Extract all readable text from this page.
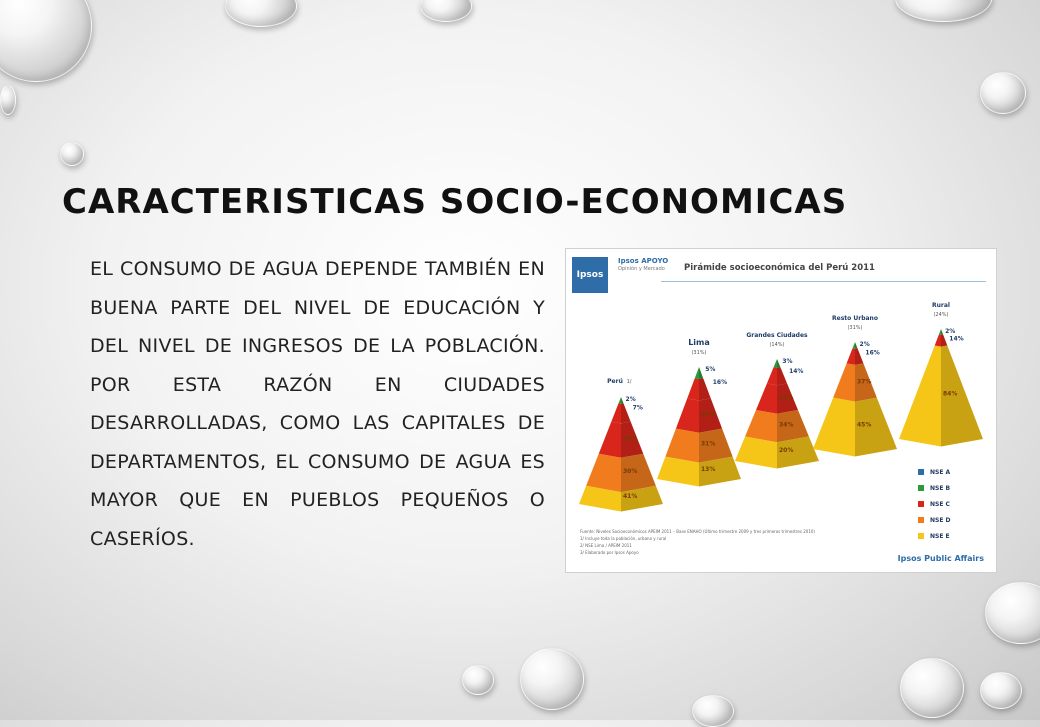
CARACTERISTICAS SOCIO-ECONOMICAS

EL CONSUMO DE AGUA DEPENDE TAMBIÉN EN BUENA PARTE DEL NIVEL DE EDUCACIÓN Y DEL NIVEL DE INGRESOS DE LA POBLACIÓN. POR ESTA RAZÓN EN CIUDADES DESARROLLADAS, COMO LAS CAPITALES DE DEPARTAMENTOS, EL CONSUMO DE AGUA ES MAYOR QUE EN PUEBLOS PEQUEÑOS O CASERÍOS.

Ipsos
Ipsos APOYO
Opinión y Mercado Pirámide socioeconómica del Perú 2011
2%
7%
20%
30%
41%
Perú 1/
5%
16%
35%
31%
13%
Lima
(31%)
3%
14%
29%
34%
20%
Grandes Ciudades
(14%)	2%
16%
37%
45%
Resto Urbano
(31%)	2%
14%
84%
Rural
(24%)
NSE A
NSE B
NSE C
NSE D
NSE E
Fuente: Niveles Socioeconómicos APEIM 2011 – Base ENAHO (Último trimestre 2009 y tres primeros trimestres 2010)
1/ Incluye toda la población, urbano y rural
2/ NSE Lima / APEIM 2011
3/ Elaborado por Ipsos Apoyo
Ipsos Public Affairs
